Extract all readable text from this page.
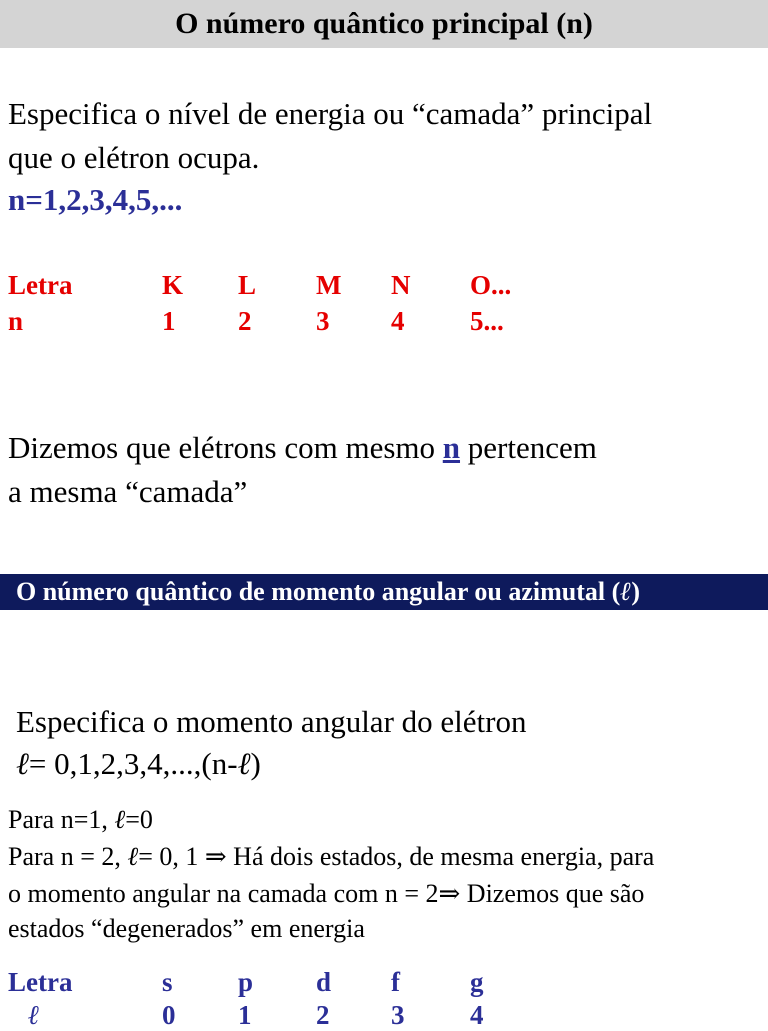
O número quântico principal (n)
Especifica o nível de energia ou “camada” principal
que o elétron ocupa.
n=1,2,3,4,5,...
Letra	K L M N O...
n	1 2 3 4 5...
Dizemos que elétrons com mesmo n pertencem
a mesma “camada”
O número quântico de momento angular ou azimutal ( ℓ )
Especifica o momento angular do elétron
ℓ= 0,1,2,3,4,...,(n-ℓ)
Para n=1, ℓ=0
Para n = 2, ℓ= 0, 1 ⇒ Há dois estados, de mesma energia, para
o momento angular na camada com n = 2⇒ Dizemos que são
estados “degenerados” em energia
Letra	s p d f	g
ℓ	0 1 2 3 4
